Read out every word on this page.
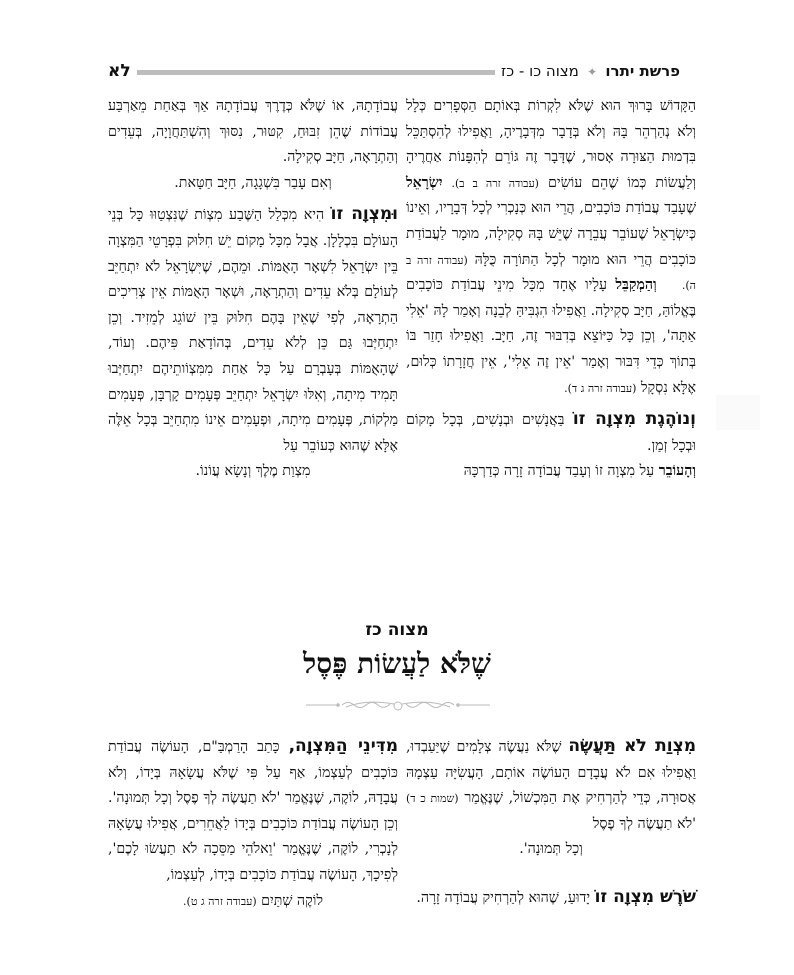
פרשת יתרו ✦ מצוה כו - כז
לא

הַקָּדוֹשׁ בָּרוּךְ הוּא שֶׁלֹּא לִקְרוֹת בְּאוֹתָם הַסְּפָרִים כְּלָל וְלֹא נְהַרְהֵר בָּהּ וְלֹא בְּדָבָר מִדְּבָרֶיהָ, וַאֲפִילוּ לְהִסְתַּכֵּל בִּדְמוּת הַצּוּרָה אָסוּר, שֶׁדָּבָר זֶה גּוֹרֵם לְהִפָּנוֹת אַחֲרֶיהָ וְלַעֲשׂוֹת כְּמוֹ שֶׁהֵם עוֹשִׂים (עבודה זרה ב ב). יִשְׂרָאֵל שֶׁעָבַד עֲבוֹדַת כּוֹכָבִים, הֲרֵי הוּא כְּנָכְרִי לְכָל דְּבָרָיו, וְאֵינוֹ כְּיִשְׂרָאֵל שֶׁעוֹבֵר עֲבֵרָה שֶׁיֵּשׁ בָּהּ סְקִילָה, מוּמָר לַעֲבוֹדַת כּוֹכָבִים הֲרֵי הוּא מוּמָר לְכָל הַתּוֹרָה כֻּלָּהּ (עבודה זרה ב ה).   וְהַמְקַבֵּל עָלָיו אֶחָד מִכָּל מִינֵי עֲבוֹדַת כּוֹכָבִים בֶּאֱלוֹהַּ, חַיָּב סְקִילָה. וַאֲפִילוּ הִגְבִּיהַּ לְבֵנָה וְאָמַר לָהּ 'אֵלִי אַתָּה', וְכֵן כָּל כַּיּוֹצֵא בְּדִבּוּר זֶה, חַיָּב. וַאֲפִילוּ חָזַר בּוֹ בְּתוֹךְ כְּדֵי דִּבּוּר וְאָמַר 'אֵין זֶה אֵלִי', אֵין חֲזָרָתוֹ כְּלוּם, אֶלָּא נִסְקָל (עבודה זרה ג ד).

וְנוֹהֶגֶת מִצְוָה זוֹ בַּאֲנָשִׁים וּבְנָשִׁים, בְּכָל מָקוֹם וּבְכָל זְמַן.

וְהָעוֹבֵר עַל מִצְוָה זוֹ וְעָבַד עֲבוֹדָה זָרָה כְּדַרְכָּהּ

עֲבוֹדָתָהּ, אוֹ שֶׁלֹּא כְּדֶרֶךְ עֲבוֹדָתָהּ אַךְ בְּאַחַת מֵאַרְבַּע עֲבוֹדוֹת שֶׁהֵן זִבּוּחַ, קִטּוּר, נִסּוּךְ וְהִשְׁתַּחֲוָיָה, בְּעֵדִים וְהַתְרָאָה, חַיָּב סְקִילָה.

וְאִם עָבַר בִּשְׁגָגָה, חַיָּב חַטָּאת.

וּמִצְוָה זוֹ הִיא מִכְּלַל הַשֶּׁבַע מִצְוֹת שֶׁנִּצְטַוּוּ כָּל בְּנֵי הָעוֹלָם בִּכְלָלָן. אֲבָל מִכָּל מָקוֹם יֵשׁ חִלּוּק בִּפְרָטֵי הַמִּצְוָה בֵּין יִשְׂרָאֵל לִשְׁאָר הָאֻמּוֹת. וּמֵהֶם, שֶׁיִּשְׂרָאֵל לֹא יִתְחַיֵּב לְעוֹלָם בְּלֹא עֵדִים וְהַתְרָאָה, וּשְׁאָר הָאֻמּוֹת אֵין צְרִיכִים הַתְרָאָה, לְפִי שֶׁאֵין בָּהֶם חִלּוּק בֵּין שׁוֹגֵג לְמֵזִיד. וְכֵן יִתְחַיְּבוּ גַּם כֵּן לְלֹא עֵדִים, בְּהוֹדָאַת פִּיהֶם. וְעוֹד, שֶׁהָאֻמּוֹת בְּעָבְרָם עַל כָּל אַחַת מִמִּצְוֹותֵיהֶם יִתְחַיְּבוּ תָּמִיד מִיתָה, וְאִלּוּ יִשְׂרָאֵל יִתְחַיֵּב פְּעָמִים קָרְבָּן, פְּעָמִים מַלְקוֹת, פְּעָמִים מִיתָה, וּפְעָמִים אֵינוֹ מִתְחַיֵּב בְּכָל אֵלֶּה אֶלָּא שֶׁהוּא כְּעוֹבֵר עַל

מִצְוַת מֶלֶךְ וְנָשָׂא עֲוֹנוֹ.

מצוה כז
שֶׁלֹּא לַעֲשׂוֹת פֶּסֶל

מִצְוַת לֹא תַּעֲשֶׂה שֶׁלֹּא נַעֲשֶׂה צְלָמִים שֶׁיַּעַבְדוּ, וַאֲפִילוּ אִם לֹא עֲבָדָם הָעוֹשֶׂה אוֹתָם, הָעֲשִׂיָּה עַצְמָהּ אֲסוּרָה, כְּדֵי לְהַרְחִיק אֶת הַמִּכְשׁוֹל, שֶׁנֶּאֱמַר (שמות כ ד) 'לֹא תַעֲשֶׂה לְךָ פֶסֶל

וְכָל תְּמוּנָה'.

שֹׁרֶשׁ מִצְוָה זוֹ יָדוּעַ, שֶׁהוּא לְהַרְחִיק עֲבוֹדָה זָרָה.

מִדִּינֵי הַמִּצְוָה, כָּתַב הָרַמְבַּ"ם, הָעוֹשֶׂה עֲבוֹדַת כּוֹכָבִים לְעַצְמוֹ, אַף עַל פִּי שֶׁלֹּא עֲשָׂאָהּ בְּיָדוֹ, וְלֹא עֲבָדָהּ, לוֹקֶה, שֶׁנֶּאֱמַר 'לֹא תַעֲשֶׂה לְךָ פֶסֶל וְכָל תְּמוּנָה'. וְכֵן הָעוֹשֶׂה עֲבוֹדַת כּוֹכָבִים בְּיָדוֹ לַאֲחֵרִים, אֲפִילוּ עֲשָׂאָהּ לְנָכְרִי, לוֹקֶה, שֶׁנֶּאֱמַר 'וֵאלֹהֵי מַסֵּכָה לֹא תַעֲשׂוּ לָכֶם', לְפִיכָךְ, הָעוֹשֶׂה עֲבוֹדַת כּוֹכָבִים בְּיָדוֹ, לְעַצְמוֹ,

לוֹקֶה שְׁתַּיִם (עבודה זרה ג ט).
